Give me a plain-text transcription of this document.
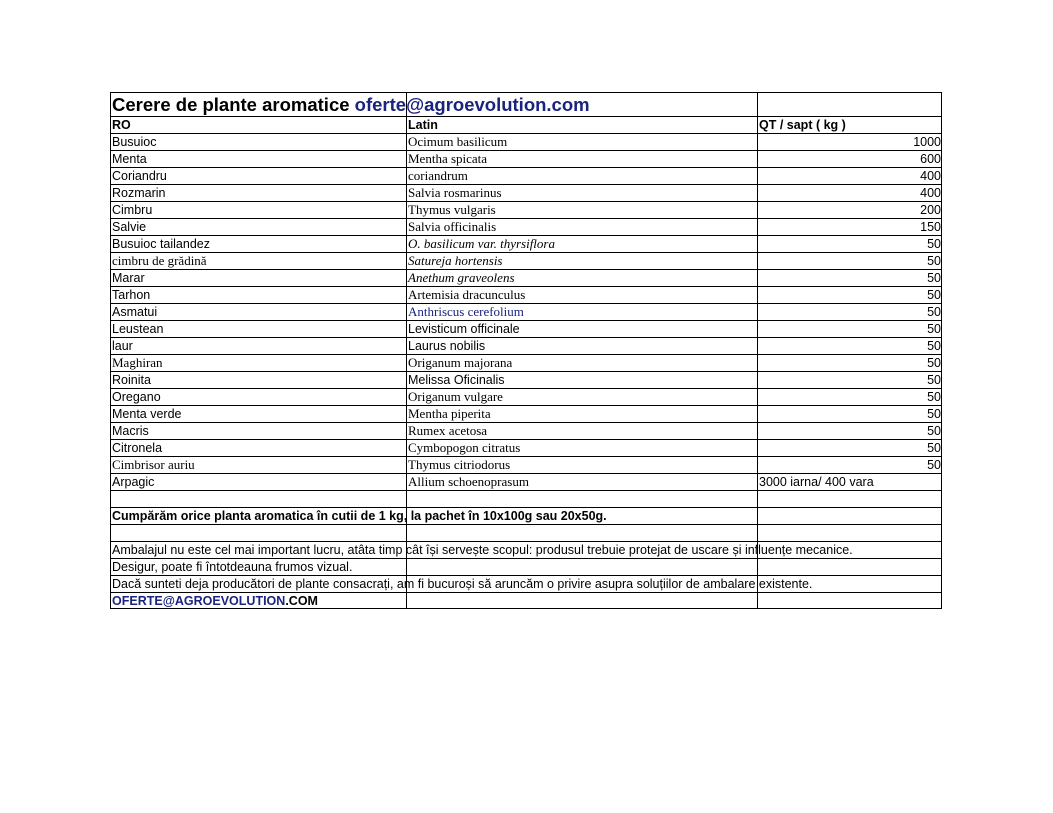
Cerere de plante aromatice oferte@agroevolution.com
RO	Latin	QT / sapt ( kg )
Busuioc	Ocimum basilicum	1000
Menta	Mentha spicata	600
Coriandru	coriandrum	400
Rozmarin	Salvia rosmarinus	400
Cimbru	Thymus vulgaris	200
Salvie	Salvia officinalis	150
Busuioc tailandez	O. basilicum var. thyrsiflora	50
cimbru de grădină	Satureja hortensis	50
Marar	Anethum graveolens	50
Tarhon	Artemisia dracunculus	50
Asmatui	Anthriscus cerefolium	50
Leustean	Levisticum officinale	50
laur	Laurus nobilis	50
Maghiran	Origanum majorana	50
Roinita	Melissa Oficinalis	50
Oregano	Origanum vulgare	50
Menta verde	Mentha piperita	50
Macris	Rumex acetosa	50
Citronela	Cymbopogon citratus	50
Cimbrisor auriu	Thymus citriodorus	50
Arpagic	Allium schoenoprasum	3000 iarna/ 400 vara
Cumpărăm orice planta aromatica în cutii de 1 kg, la pachet în 10x100g sau 20x50g.
Ambalajul nu este cel mai important lucru, atâta timp cât își servește scopul: produsul trebuie protejat de uscare și influențe mecanice.
Desigur, poate fi întotdeauna frumos vizual.
Dacă sunteti deja producători de plante consacrați, am fi bucuroși să aruncăm o privire asupra soluțiilor de ambalare existente.
OFERTE@AGROEVOLUTION.COM
